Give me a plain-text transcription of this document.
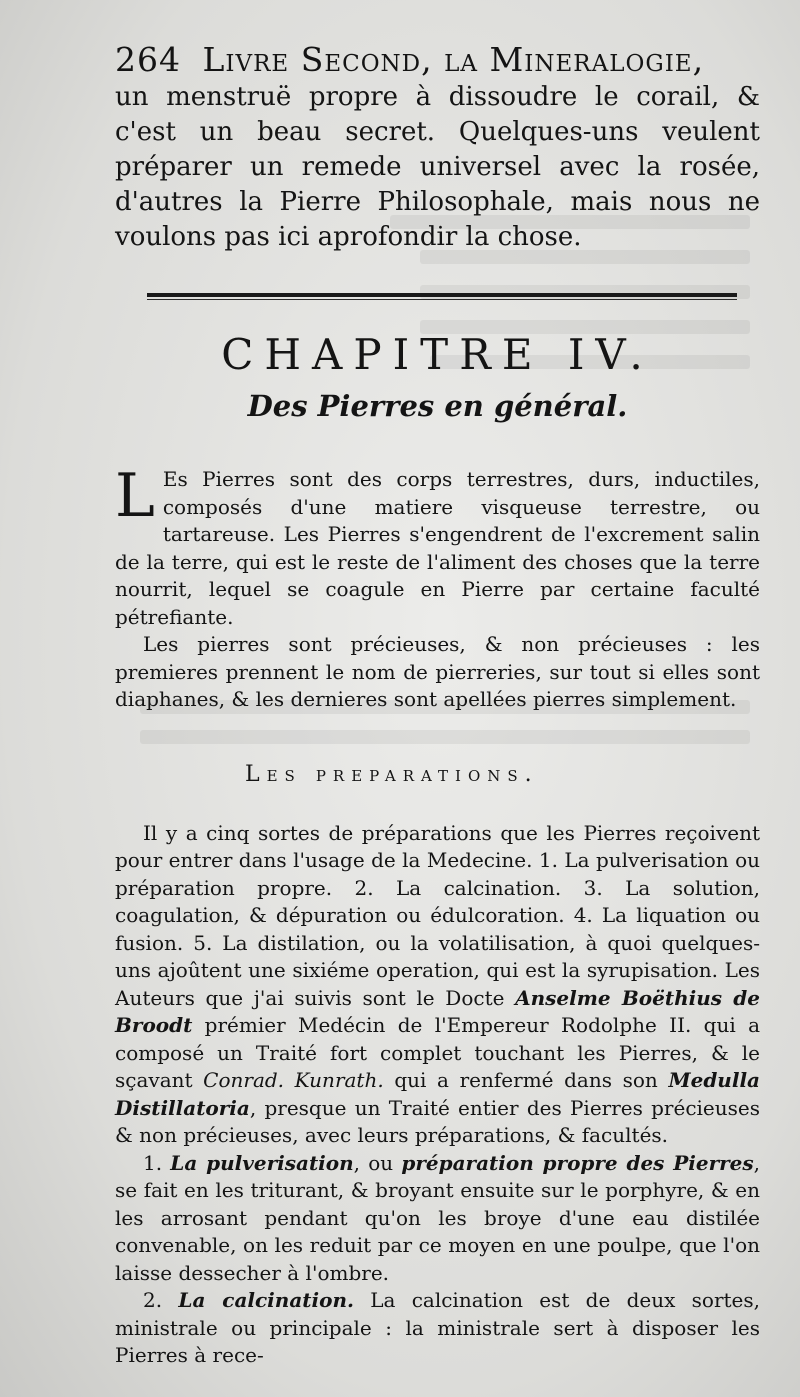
264 Livre Second, la Mineralogie,

un menstruë propre à dissoudre le corail, & c'est un beau secret. Quelques-uns veulent préparer un remede universel avec la rosée, d'autres la Pierre Philosophale, mais nous ne voulons pas ici aprofondir la chose.

CHAPITRE IV.
Des Pierres en général.

L Es Pierres sont des corps terrestres, durs, inductiles, composés d'une matiere visqueuse terrestre, ou tartareuse. Les Pierres s'engendrent de l'excrement salin de la terre, qui est le reste de l'aliment des choses que la terre nourrit, lequel se coagule en Pierre par certaine faculté pétrefiante.

Les pierres sont précieuses, & non précieuses : les premieres prennent le nom de pierreries, sur tout si elles sont diaphanes, & les dernieres sont apellées pierres simplement.

Les preparations.

Il y a cinq sortes de préparations que les Pierres reçoivent pour entrer dans l'usage de la Medecine. 1. La pulverisation ou préparation propre. 2. La calcination. 3. La solution, coagulation, & dépuration ou édulcoration. 4. La liquation ou fusion. 5. La distilation, ou la volatilisation, à quoi quelques-uns ajoûtent une sixiéme operation, qui est la syrupisation. Les Auteurs que j'ai suivis sont le Docte Anselme Boëthius de Broodt prémier Medécin de l'Empereur Rodolphe II. qui a composé un Traité fort complet touchant les Pierres, & le sçavant Conrad. Kunrath. qui a renfermé dans son Medulla Distillatoria, presque un Traité entier des Pierres précieuses & non précieuses, avec leurs préparations, & facultés.

1. La pulverisation, ou préparation propre des Pierres, se fait en les triturant, & broyant ensuite sur le porphyre, & en les arrosant pendant qu'on les broye d'une eau distilée convenable, on les reduit par ce moyen en une poulpe, que l'on laisse dessecher à l'ombre.

2. La calcination. La calcination est de deux sortes, ministrale ou principale : la ministrale sert à disposer les Pierres à rece-
